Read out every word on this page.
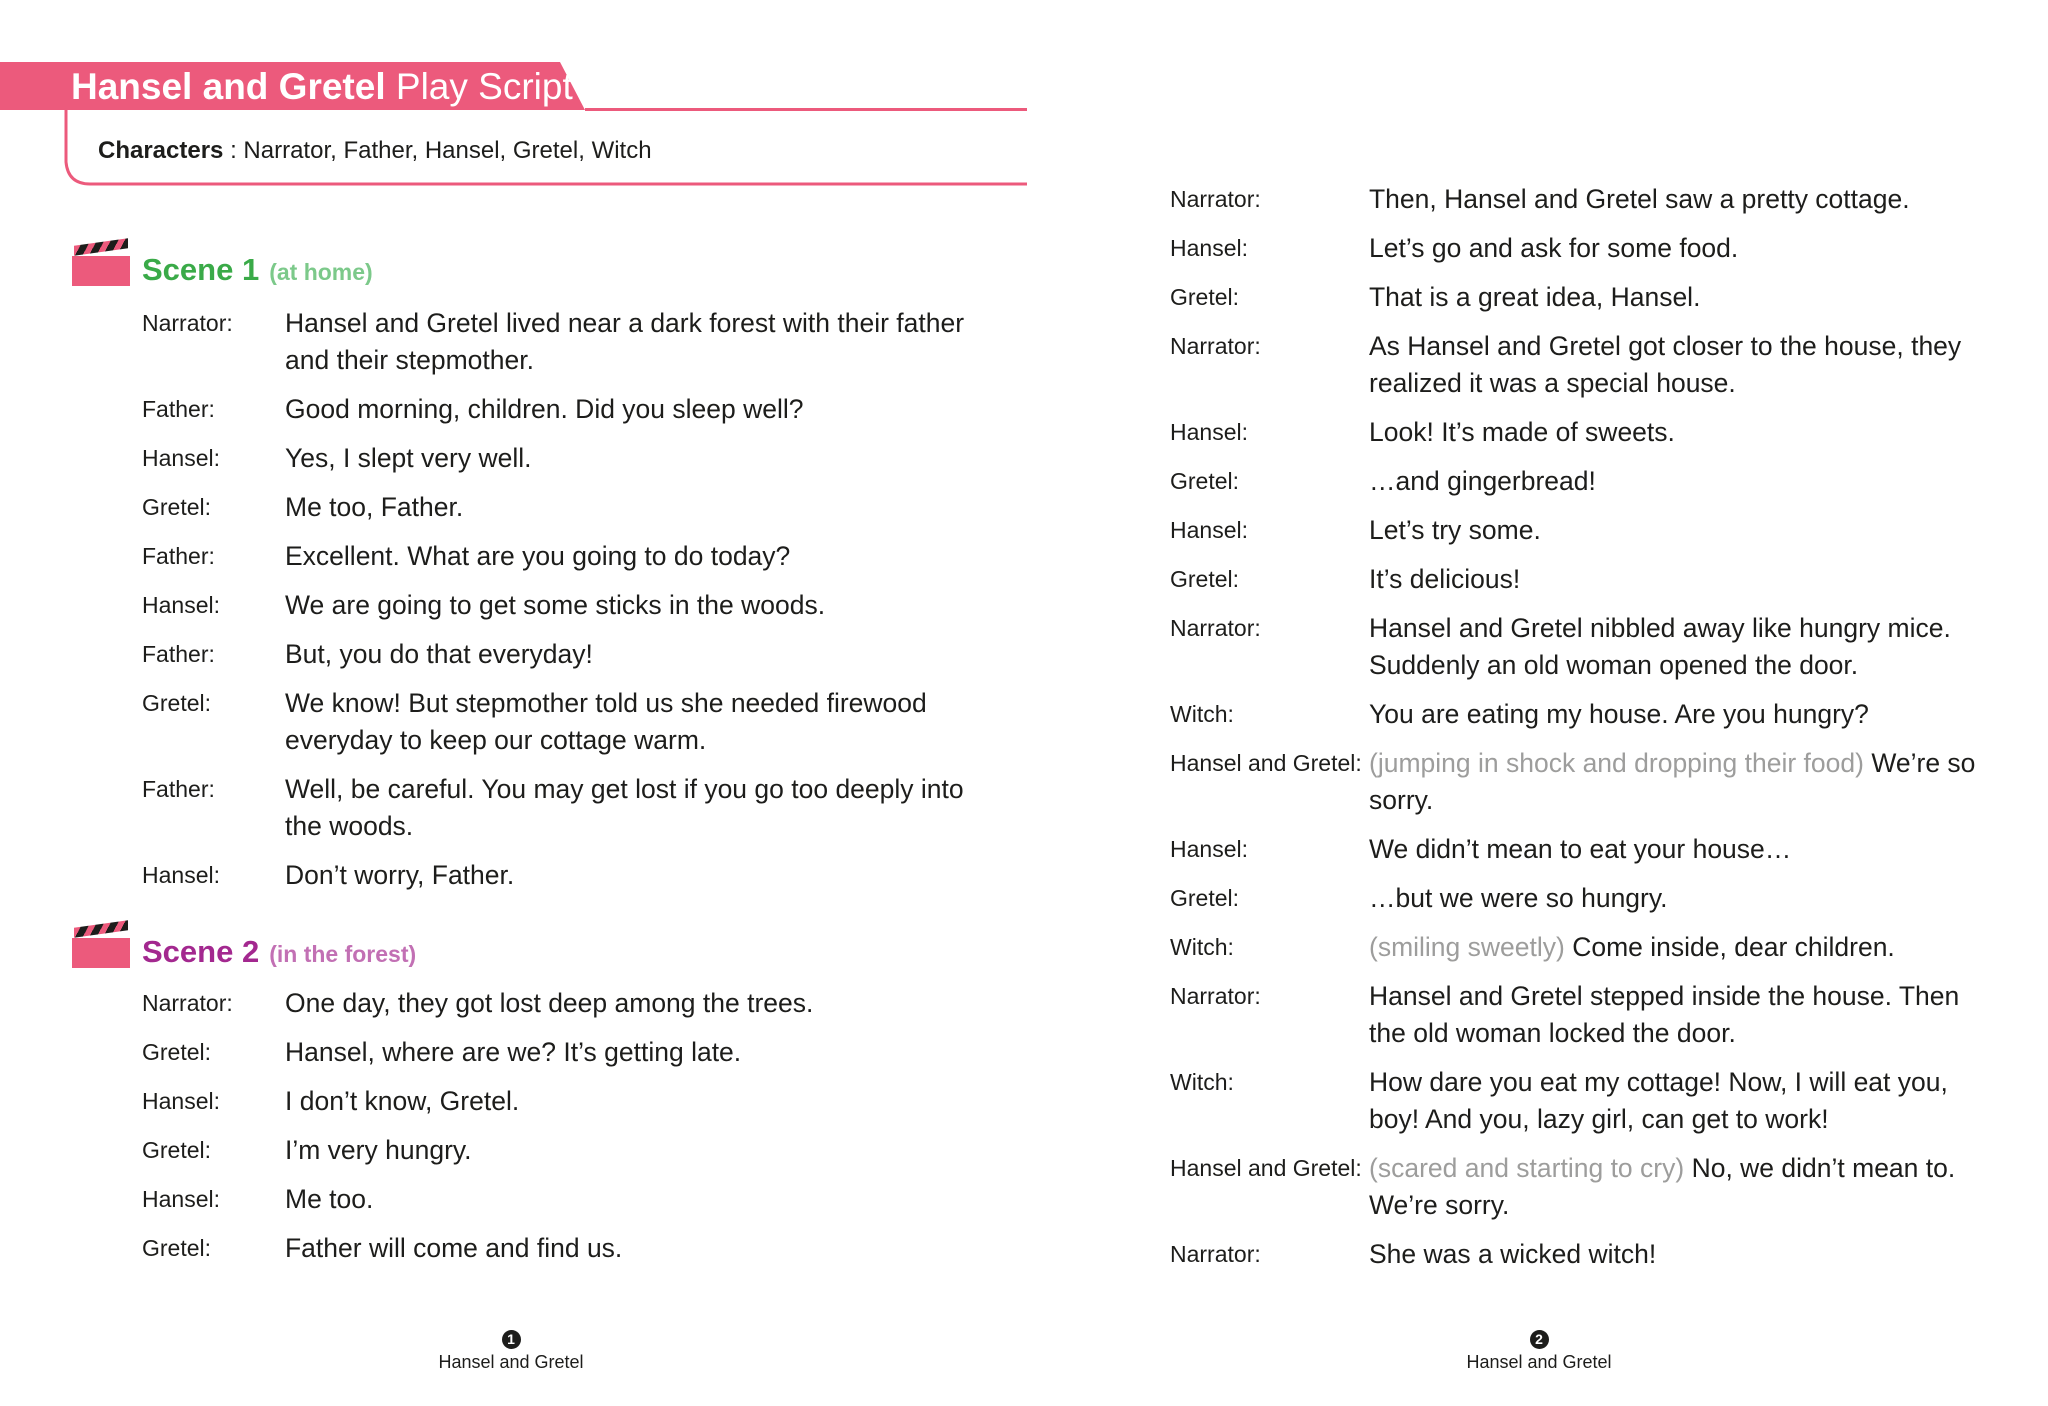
Hansel and Gretel Play Script
Characters : Narrator, Father, Hansel, Gretel, Witch
Scene 1 (at home)
Narrator: Hansel and Gretel lived near a dark forest with their father and their stepmother.
Father:	Good morning, children. Did you sleep well?
Hansel: Yes, I slept very well.
Gretel:	Me too, Father.
Father:	Excellent. What are you going to do today?
Hansel: We are going to get some sticks in the woods.
Father:	But, you do that everyday!
Gretel:	We know! But stepmother told us she needed firewood everyday to keep our cottage warm.
Father:	Well, be careful. You may get lost if you go too deeply into the woods.
Hansel: Don’t worry, Father.
Scene 2 (in the forest)
Narrator: One day, they got lost deep among the trees.
Gretel:	Hansel, where are we? It’s getting late.
Hansel: I don’t know, Gretel.
Gretel:	I’m very hungry.
Hansel: Me too.
Gretel:	Father will come and find us.
1
Hansel and Gretel
Narrator:	Then, Hansel and Gretel saw a pretty cottage.
Hansel:	Let’s go and ask for some food.
Gretel:	That is a great idea, Hansel.
Narrator:	As Hansel and Gretel got closer to the house, they realized it was a special house.
Hansel:	Look! It’s made of sweets.
Gretel:	…and gingerbread!
Hansel:	Let’s try some.
Gretel:	It’s delicious!
Narrator:	Hansel and Gretel nibbled away like hungry mice. Suddenly an old woman opened the door.
Witch:	You are eating my house. Are you hungry?
Hansel and Gretel: (jumping in shock and dropping their food) We’re so sorry.
Hansel:	We didn’t mean to eat your house…
Gretel:	…but we were so hungry.
Witch:	(smiling sweetly) Come inside, dear children.
Narrator:	Hansel and Gretel stepped inside the house. Then the old woman locked the door.
Witch:	How dare you eat my cottage! Now, I will eat you, boy! And you, lazy girl, can get to work!
Hansel and Gretel: (scared and starting to cry) No, we didn’t mean to. We’re sorry.
Narrator:	She was a wicked witch!
2
Hansel and Gretel
